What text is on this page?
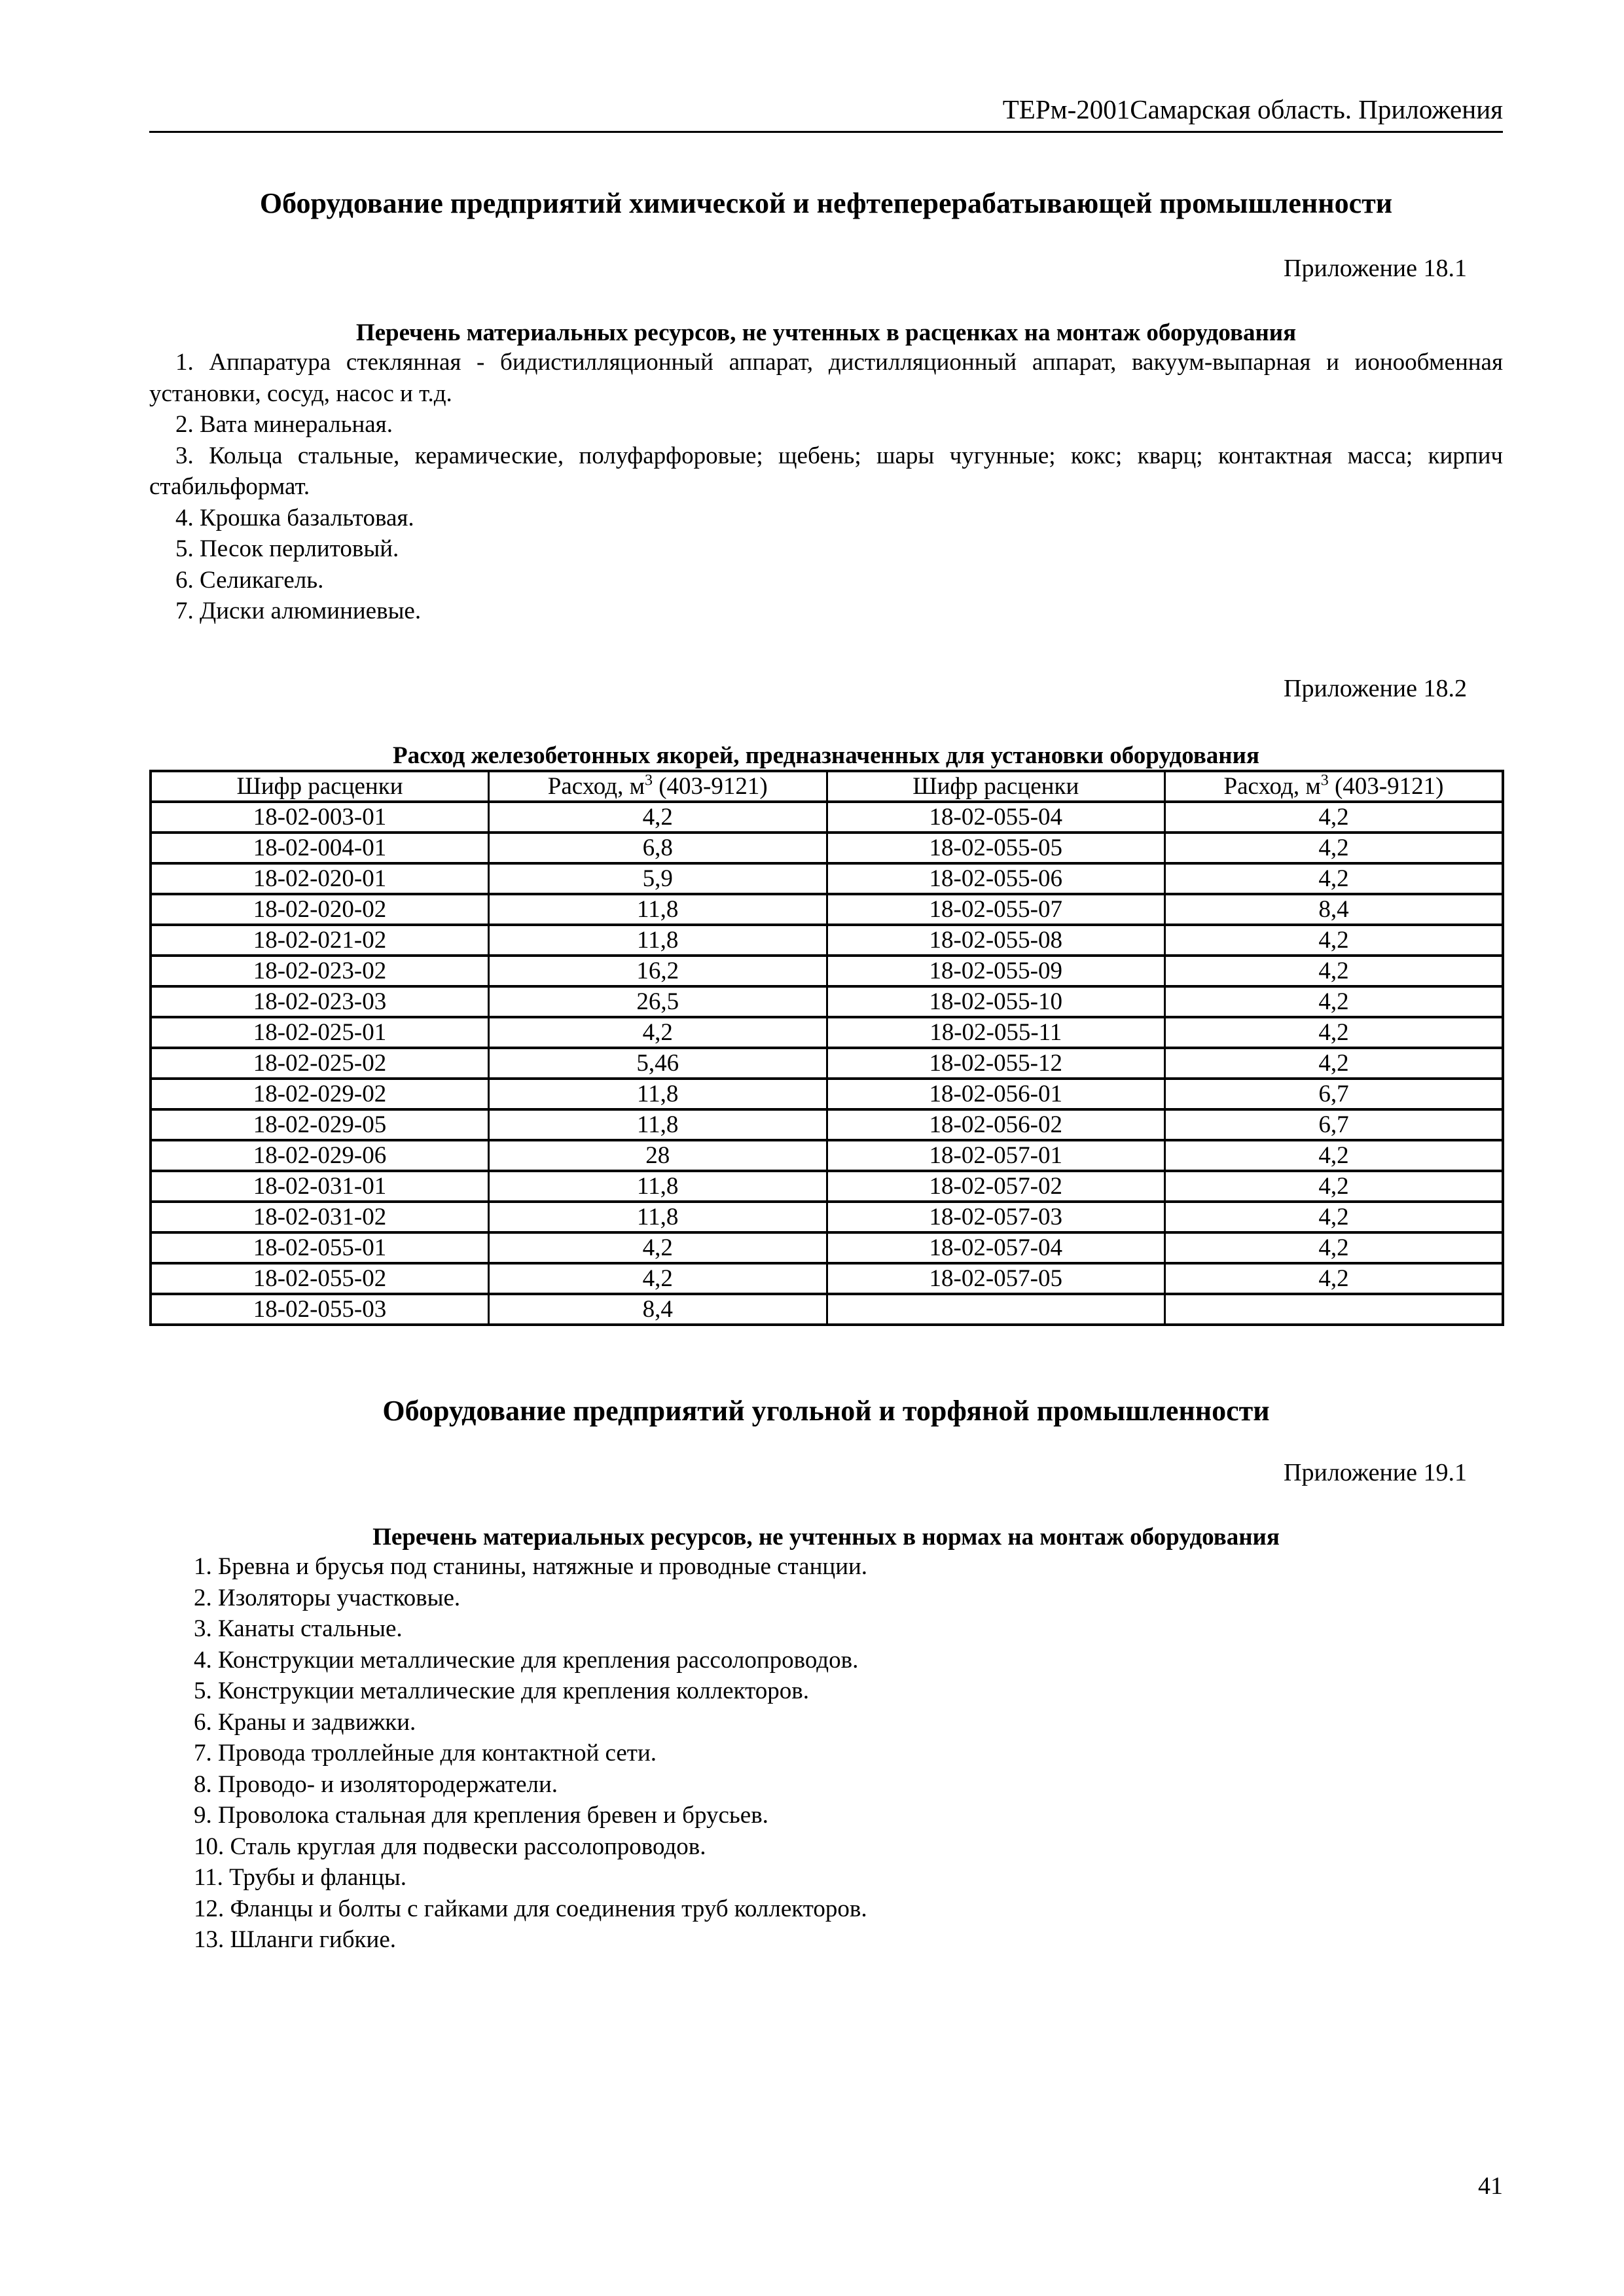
ТЕРм-2001Самарская область. Приложения
Оборудование предприятий химической и нефтеперерабатывающей промышленности
Приложение 18.1
Перечень материальных ресурсов, не учтенных в расценках на монтаж оборудования

1. Аппаратура стеклянная - бидистилляционный аппарат, дистилляционный аппарат, вакуум-выпарная и ионообменная установки, сосуд, насос и т.д.

2. Вата минеральная.

3. Кольца стальные, керамические, полуфарфоровые; щебень; шары чугунные; кокс; кварц; контактная масса; кирпич стабильформат.

4. Крошка базальтовая.

5. Песок перлитовый.

6. Селикагель.

7. Диски алюминиевые.

Приложение 18.2
Расход железобетонных якорей, предназначенных для установки оборудования
Шифр расценки	Расход, $м^3$ (403-9121)	Шифр расценки	Расход, $м^3$ (403-9121)
18-02-003-01	4,2	18-02-055-04	4,2
18-02-004-01	6,8	18-02-055-05	4,2
18-02-020-01	5,9	18-02-055-06	4,2
18-02-020-02	11,8	18-02-055-07	8,4
18-02-021-02	11,8	18-02-055-08	4,2
18-02-023-02	16,2	18-02-055-09	4,2
18-02-023-03	26,5	18-02-055-10	4,2
18-02-025-01	4,2	18-02-055-11	4,2
18-02-025-02	5,46	18-02-055-12	4,2
18-02-029-02	11,8	18-02-056-01	6,7
18-02-029-05	11,8	18-02-056-02	6,7
18-02-029-06	28	18-02-057-01	4,2
18-02-031-01	11,8	18-02-057-02	4,2
18-02-031-02	11,8	18-02-057-03	4,2
18-02-055-01	4,2	18-02-057-04	4,2
18-02-055-02	4,2	18-02-057-05	4,2
18-02-055-03	8,4		
Оборудование предприятий угольной и торфяной промышленности
Приложение 19.1
Перечень материальных ресурсов, не учтенных в нормах на монтаж оборудования

1. Бревна и брусья под станины, натяжные и проводные станции.

2. Изоляторы участковые.

3. Канаты стальные.

4. Конструкции металлические для крепления рассолопроводов.

5. Конструкции металлические для крепления коллекторов.

6. Краны и задвижки.

7. Провода троллейные для контактной сети.

8. Проводо- и изолятородержатели.

9. Проволока стальная для крепления бревен и брусьев.

10. Сталь круглая для подвески рассолопроводов.

11. Трубы и фланцы.

12. Фланцы и болты с гайками для соединения труб коллекторов.

13. Шланги гибкие.

41
